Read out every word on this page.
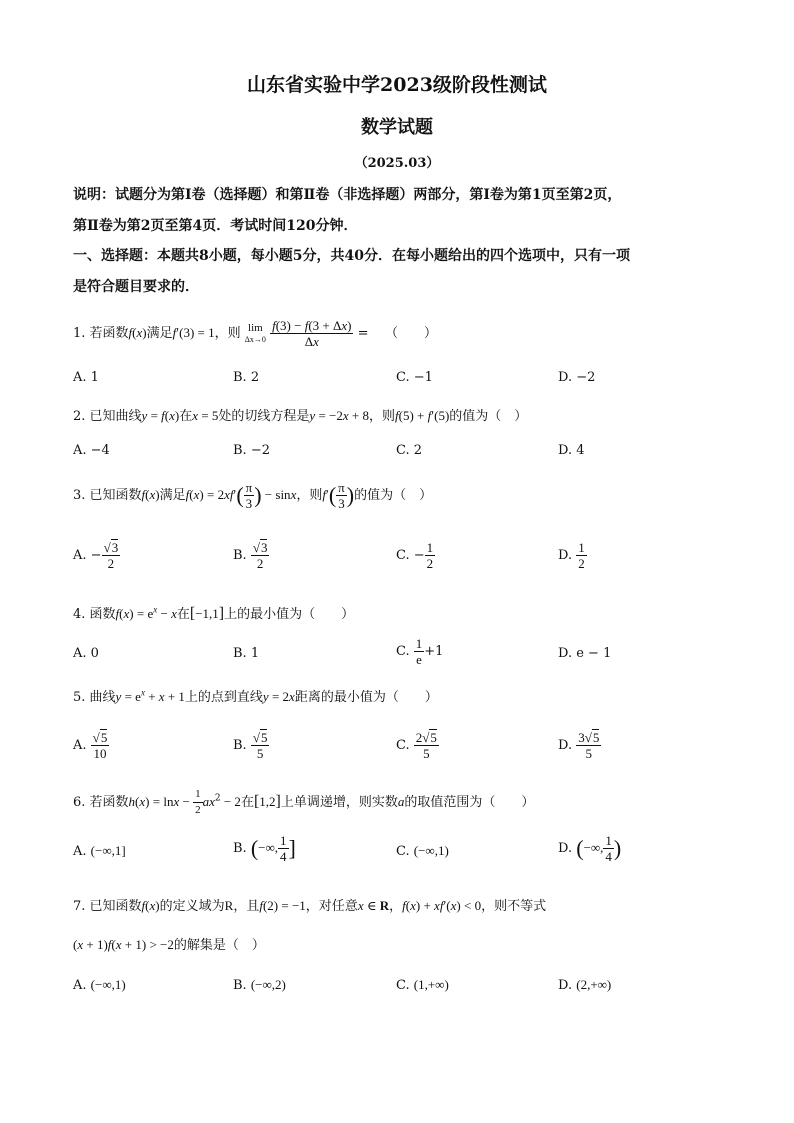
山东省实验中学2023级阶段性测试
数学试题
（2025.03）
说明：试题分为第Ⅰ卷（选择题）和第Ⅱ卷（非选择题）两部分，第Ⅰ卷为第1页至第2页，
第Ⅱ卷为第2页至第4页．考试时间120分钟．
一、选择题：本题共8小题，每小题5分，共40分．在每小题给出的四个选项中，只有一项
是符合题目要求的．
1. 若函数f(x)满足f′(3) = 1，则 lim
$\Delta x\to 0 \frac{f(3) - f(3 + \Delta x)}{\Delta x}$ =    （　　）
A. 1	B. 2	C. −1	D. −2
2. 已知曲线y = f(x)在x = 5处的切线方程是y = −2x + 8，则f(5) + f′(5)的值为（　）
A. −4	B. −2	C. 2	D. 4
3. 已知函数f(x)满足$f(x) = 2xf'( \frac{\pi}{3}$ ) − sinx，则$f'( \frac{\pi}{3}$ )的值为（　）
A. − $\frac{√3}{2}$	B. $\frac{√3}{2}$	C. − $\frac{1}{2}$	D. $\frac{1}{2}$
4. 函数$f(x) = e^x - x$在[−1,1]上的最小值为（　　）
A. 0	B. 1	C. $\frac{1}{e} +1$	D. e − 1
5. 曲线$y = e^x + x + 1$上的点到直线y = 2x距离的最小值为（　　）
A. $\frac{√5}{10}$	B. $\frac{√5}{5}$	C. $\frac{2√5}{5}$	D. $\frac{3√5}{5}$
6. 若函数$h(x) = \ln x - \frac{1}{2} ax^2 - 2$在[1,2]上单调递增，则实数a的取值范围为（　　）
A. (−∞,1]	B. (−∞, $\frac{1}{4}$ ]	C. (−∞,1)	D. (−∞, $\frac{1}{4}$ )
7. 已知函数f(x)的定义域为R，且f(2) = −1，对任意x ∈ R，f(x) + xf′(x) < 0，则不等式
(x + 1)f(x + 1) > −2的解集是（　）
A. (−∞,1)	B. (−∞,2)	C. (1,+∞)	D. (2,+∞)
